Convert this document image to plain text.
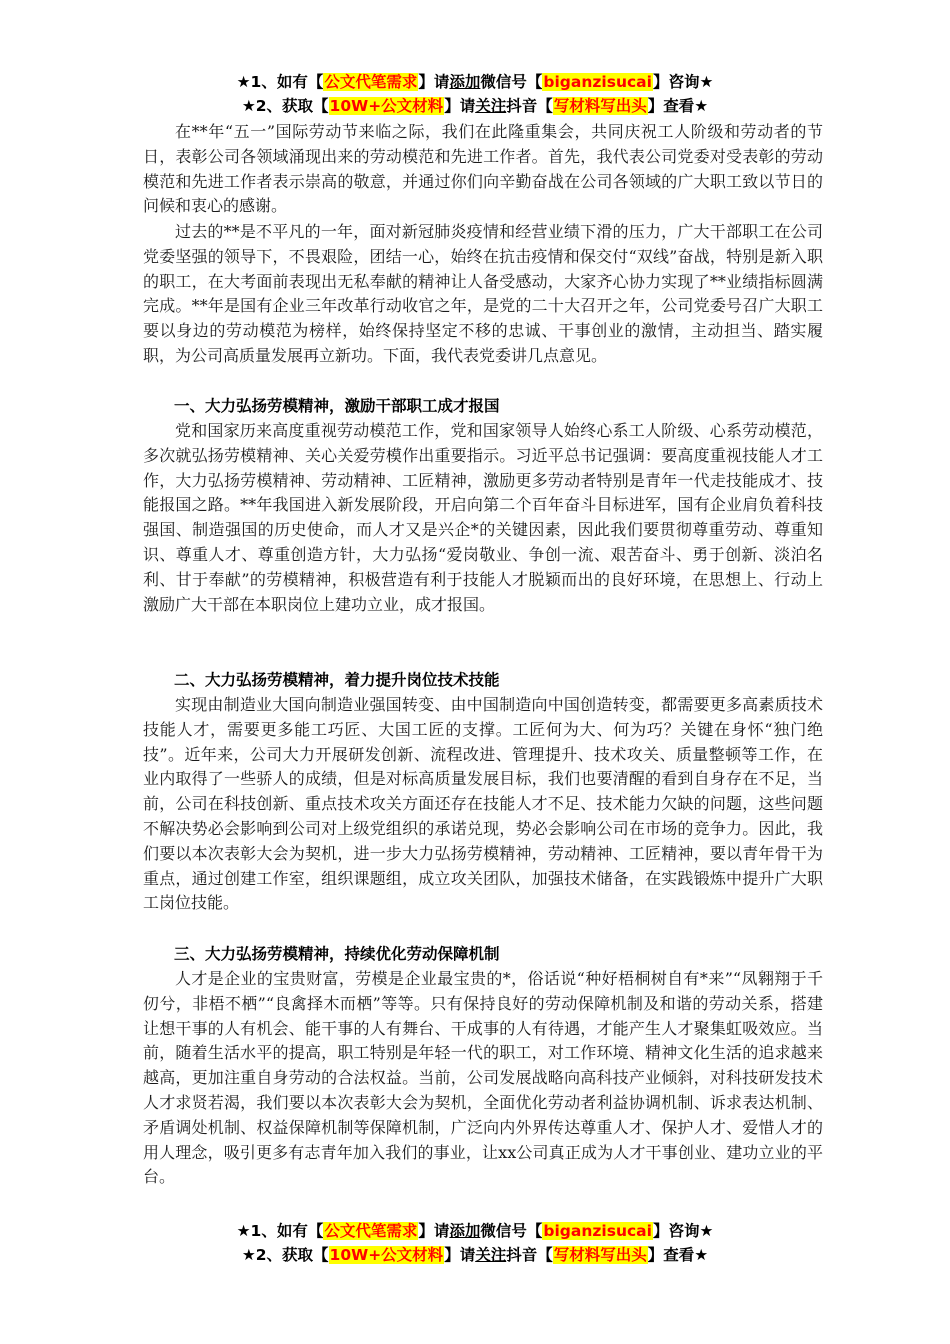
★1、如有【公文代笔需求】请添加微信号【biganzisucai】咨询★
★2、获取【10W+公文材料】请关注抖音【写材料写出头】查看★

在**年“五一”国际劳动节来临之际，我们在此隆重集会，共同庆祝工人阶级和劳动者的节日，表彰公司各领域涌现出来的劳动模范和先进工作者。首先，我代表公司党委对受表彰的劳动模范和先进工作者表示崇高的敬意，并通过你们向辛勤奋战在公司各领域的广大职工致以节日的问候和衷心的感谢。

过去的**是不平凡的一年，面对新冠肺炎疫情和经营业绩下滑的压力，广大干部职工在公司党委坚强的领导下，不畏艰险，团结一心，始终在抗击疫情和保交付“双线”奋战，特别是新入职的职工，在大考面前表现出无私奉献的精神让人备受感动，大家齐心协力实现了**业绩指标圆满完成。**年是国有企业三年改革行动收官之年，是党的二十大召开之年，公司党委号召广大职工要以身边的劳动模范为榜样，始终保持坚定不移的忠诚、干事创业的激情，主动担当、踏实履职，为公司高质量发展再立新功。下面，我代表党委讲几点意见。

一、大力弘扬劳模精神，激励干部职工成才报国

党和国家历来高度重视劳动模范工作，党和国家领导人始终心系工人阶级、心系劳动模范，多次就弘扬劳模精神、关心关爱劳模作出重要指示。习近平总书记强调：要高度重视技能人才工作，大力弘扬劳模精神、劳动精神、工匠精神，激励更多劳动者特别是青年一代走技能成才、技能报国之路。**年我国进入新发展阶段，开启向第二个百年奋斗目标进军，国有企业肩负着科技强国、制造强国的历史使命，而人才又是兴企*的关键因素，因此我们要贯彻尊重劳动、尊重知识、尊重人才、尊重创造方针，大力弘扬“爱岗敬业、争创一流、艰苦奋斗、勇于创新、淡泊名利、甘于奉献”的劳模精神，积极营造有利于技能人才脱颖而出的良好环境，在思想上、行动上激励广大干部在本职岗位上建功立业，成才报国。

二、大力弘扬劳模精神，着力提升岗位技术技能

实现由制造业大国向制造业强国转变、由中国制造向中国创造转变，都需要更多高素质技术技能人才，需要更多能工巧匠、大国工匠的支撑。工匠何为大、何为巧？关键在身怀“独门绝技”。近年来，公司大力开展研发创新、流程改进、管理提升、技术攻关、质量整顿等工作，在业内取得了一些骄人的成绩，但是对标高质量发展目标，我们也要清醒的看到自身存在不足，当前，公司在科技创新、重点技术攻关方面还存在技能人才不足、技术能力欠缺的问题，这些问题不解决势必会影响到公司对上级党组织的承诺兑现，势必会影响公司在市场的竞争力。因此，我们要以本次表彰大会为契机，进一步大力弘扬劳模精神，劳动精神、工匠精神，要以青年骨干为重点，通过创建工作室，组织课题组，成立攻关团队，加强技术储备，在实践锻炼中提升广大职工岗位技能。

三、大力弘扬劳模精神，持续优化劳动保障机制

人才是企业的宝贵财富，劳模是企业最宝贵的*，俗话说“种好梧桐树自有*来”“凤翱翔于千仞兮，非梧不栖”“良禽择木而栖”等等。只有保持良好的劳动保障机制及和谐的劳动关系，搭建让想干事的人有机会、能干事的人有舞台、干成事的人有待遇，才能产生人才聚集虹吸效应。当前，随着生活水平的提高，职工特别是年轻一代的职工，对工作环境、精神文化生活的追求越来越高，更加注重自身劳动的合法权益。当前，公司发展战略向高科技产业倾斜，对科技研发技术人才求贤若渴，我们要以本次表彰大会为契机，全面优化劳动者利益协调机制、诉求表达机制、矛盾调处机制、权益保障机制等保障机制，广泛向内外界传达尊重人才、保护人才、爱惜人才的用人理念，吸引更多有志青年加入我们的事业，让xx公司真正成为人才干事创业、建功立业的平台。

★1、如有【公文代笔需求】请添加微信号【biganzisucai】咨询★
★2、获取【10W+公文材料】请关注抖音【写材料写出头】查看★
